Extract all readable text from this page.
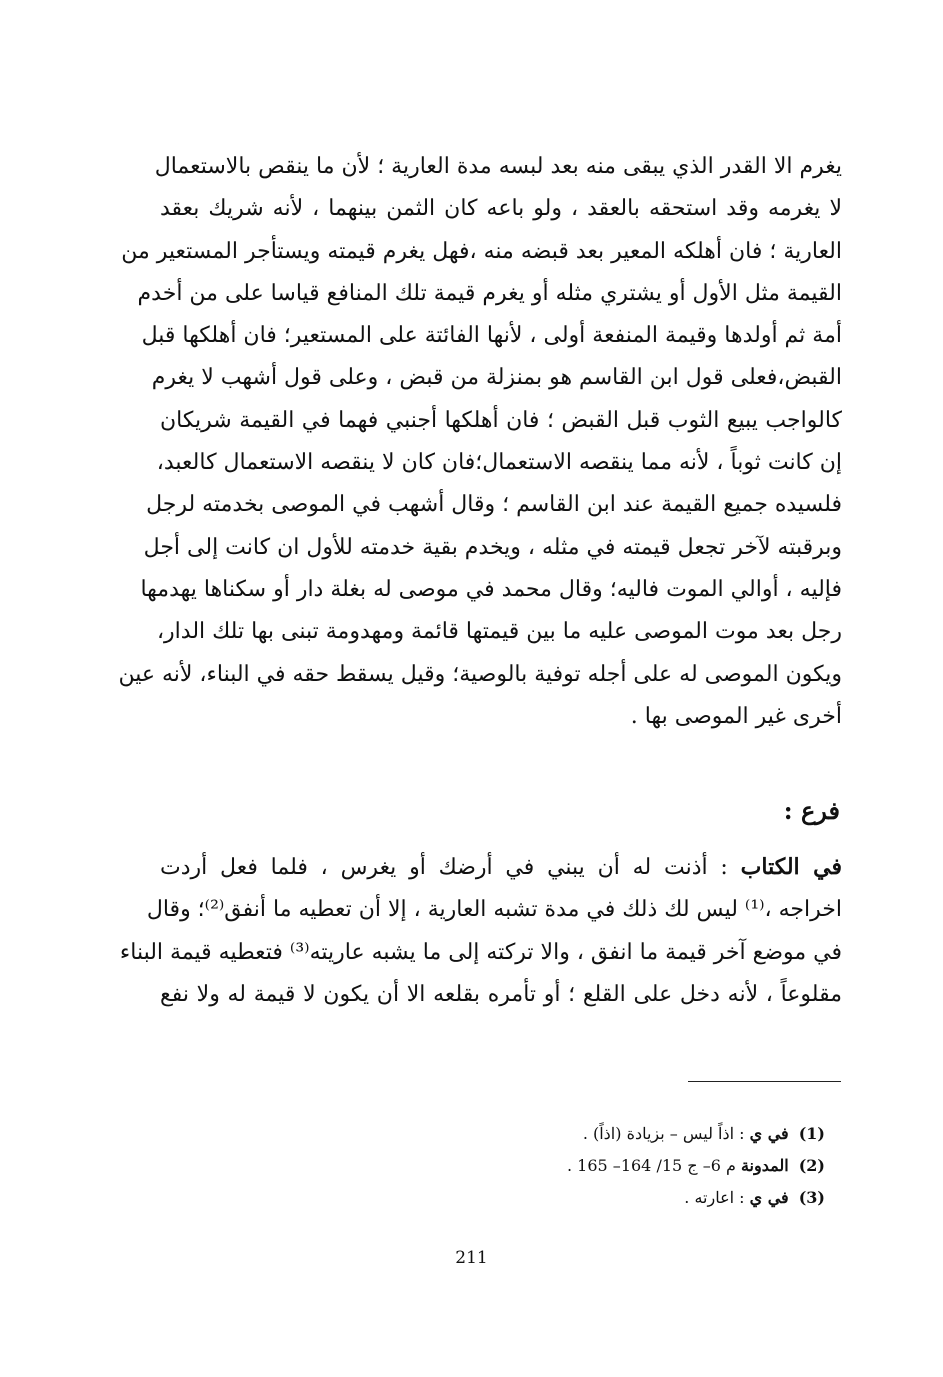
يغرم الا القدر الذي يبقى منه بعد لبسه مدة العارية ؛ لأن ما ينقص بالاستعمال
لا يغرمه وقد استحقه بالعقد ، ولو باعه كان الثمن بينهما ، لأنه شريك بعقد
العارية ؛ فان أهلكه المعير بعد قبضه منه ،فهل يغرم قيمته ويستأجر المستعير من
القيمة مثل الأول أو يشتري مثله أو يغرم قيمة تلك المنافع قياسا على من أخدم
أمة ثم أولدها وقيمة المنفعة أولى ، لأنها الفائتة على المستعير؛ فان أهلكها قبل
القبض،فعلى قول ابن القاسم هو بمنزلة من قبض ، وعلى قول أشهب لا يغرم
كالواجب يبيع الثوب قبل القبض ؛ فان أهلكها أجنبي فهما في القيمة شريكان
إن كانت ثوباً ، لأنه مما ينقصه الاستعمال؛فان كان لا ينقصه الاستعمال كالعبد،
فلسيده جميع القيمة عند ابن القاسم ؛ وقال أشهب في الموصى بخدمته لرجل
وبرقبته لآخر تجعل قيمته في مثله ، ويخدم بقية خدمته للأول ان كانت إلى أجل
فإليه ، أوالي الموت فاليه؛ وقال محمد في موصى له بغلة دار أو سكناها يهدمها
رجل بعد موت الموصى عليه ما بين قيمتها قائمة ومهدومة تبنى بها تلك الدار،
ويكون الموصى له على أجله توفية بالوصية؛ وقيل يسقط حقه في البناء، لأنه عين
أخرى غير الموصى بها .
فرع :
في الكتاب : أذنت له أن يبني في أرضك أو يغرس ، فلما فعل أردت
اخراجه ،⁽¹⁾ ليس لك ذلك في مدة تشبه العارية ، إلا أن تعطيه ما أنفق⁽²⁾؛ وقال
في موضع آخر قيمة ما انفق ، والا تركته إلى ما يشبه عاريته⁽³⁾ فتعطيه قيمة البناء
مقلوعاً ، لأنه دخل على القلع ؛ أو تأمره بقلعه الا أن يكون لا قيمة له ولا نفع
(1)في ي : اذاً ليس – بزيادة (اذاً) .
(2)المدونة م 6– ج 15/ 164– 165 .
(3)في ي : اعارته .
211
